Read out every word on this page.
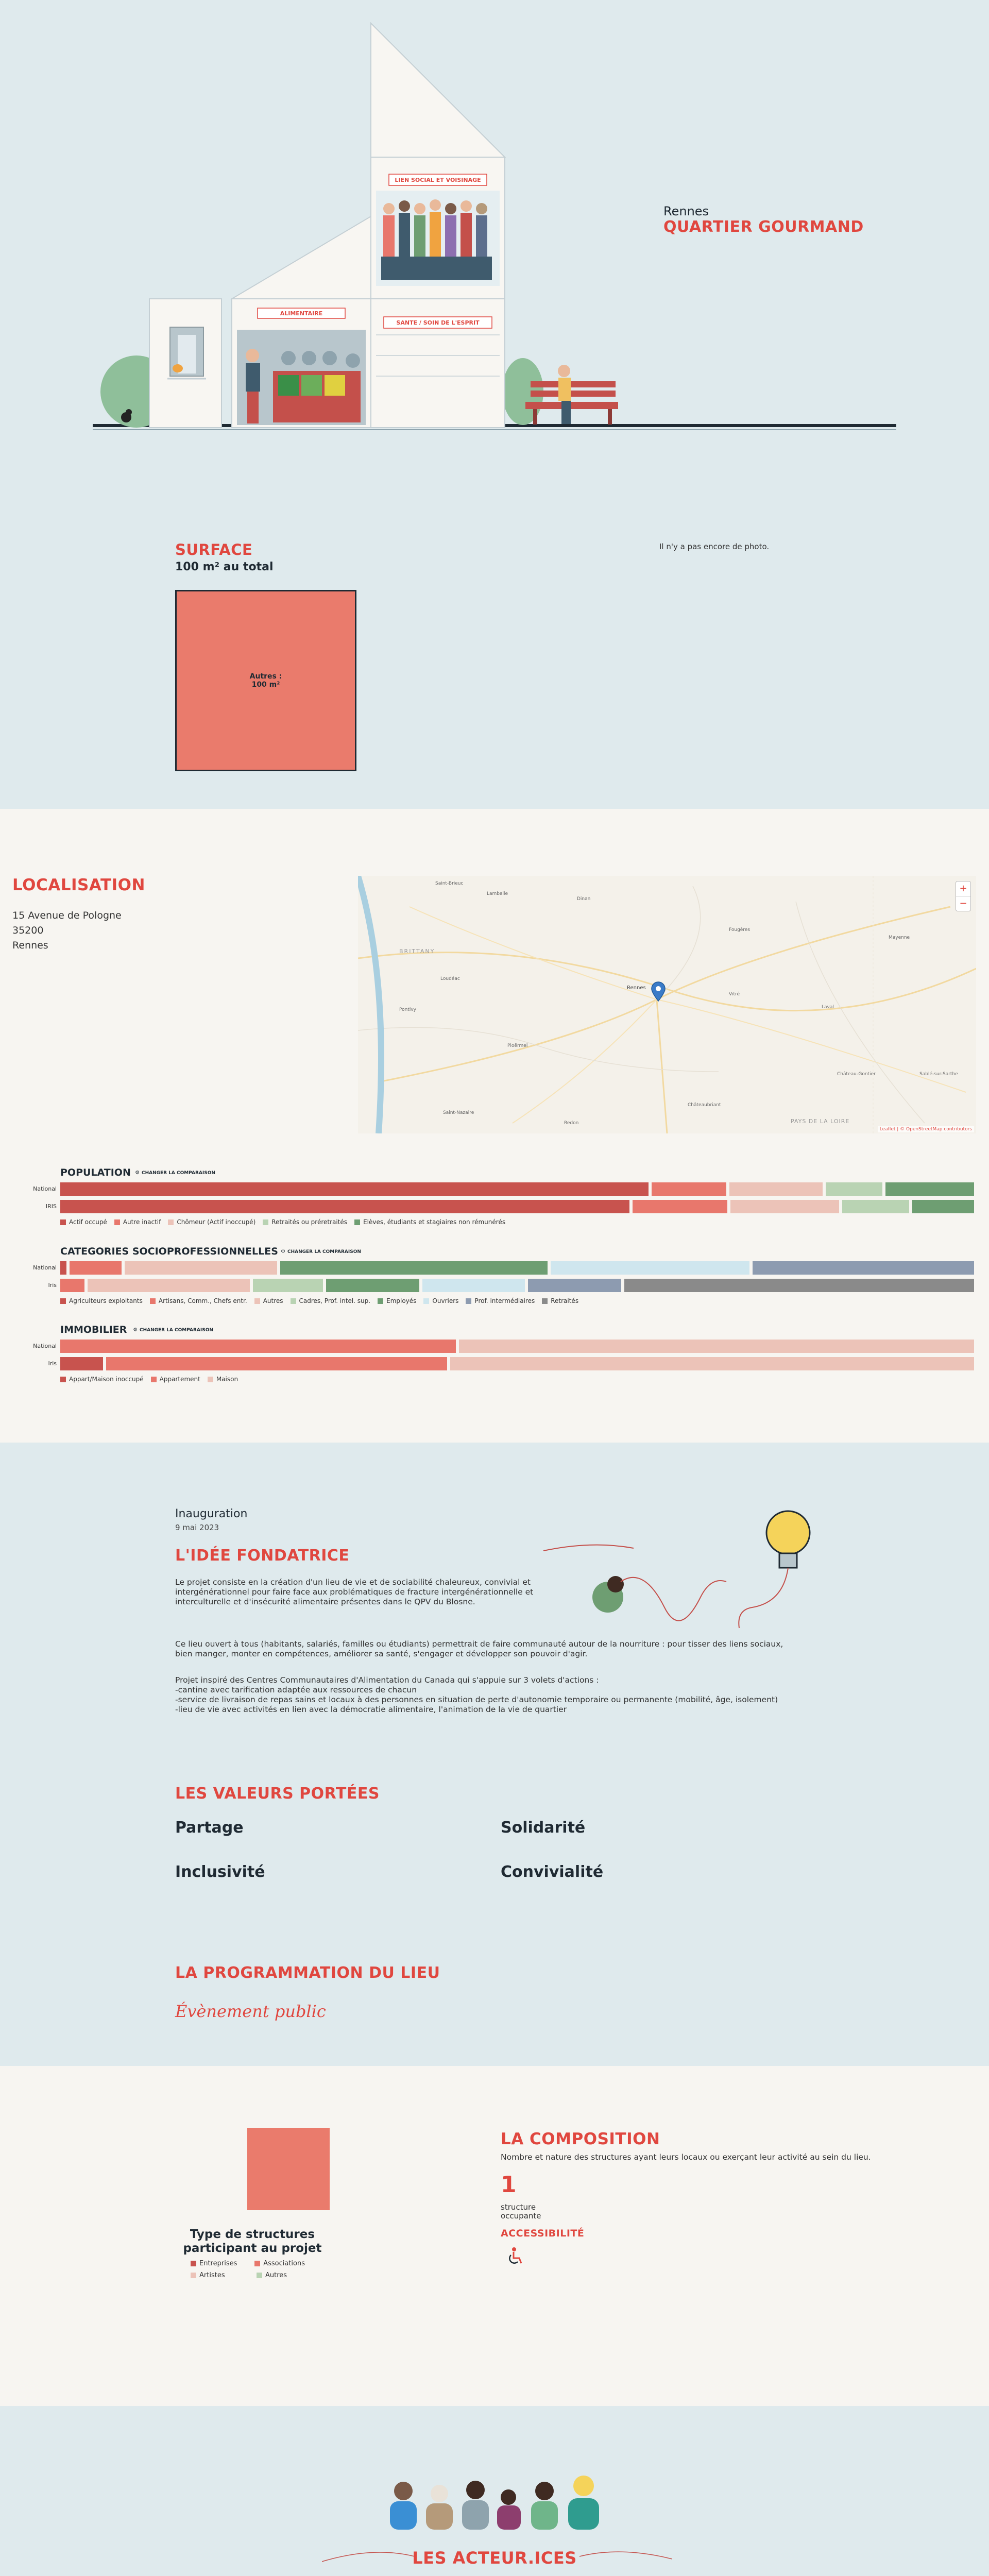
ALIMENTAIRE
LIEN SOCIAL ET VOISINAGE
SANTE / SOIN DE L'ESPRIT
Rennes
QUARTIER GOURMAND
SURFACE
100 m² au total
Autres :
100 m²
Il n'y a pas encore de photo.
LOCALISATION
15 Avenue de Pologne
35200
Rennes
Saint-Brieuc
Lamballe
Dinan
Fougères
Mayenne
Loudéac
Pontivy
Rennes
Vitré
Laval
Ploërmel
Redon
Châteaubriant
Château-Gontier
Saint-Nazaire
BRITTANY
PAYS DE LA LOIRE
Sablé-sur-Sarthe
+
−
Leaflet | © OpenStreetMap contributors
POPULATION
National
IRIS
Actif occupé	Autre inactif	Chômeur (Actif inoccupé)	Retraités ou préretraités	Elèves, étudiants et stagiaires non rémunérés
⚙ CHANGER LA COMPARAISON
CATEGORIES SOCIOPROFESSIONNELLES
National
Iris
Agriculteurs exploitants	Artisans, Comm., Chefs entr.	Autres	Cadres, Prof. intel. sup.	Employés	Ouvriers	Prof. intermédiaires	Retraités
⚙ CHANGER LA COMPARAISON
IMMOBILIER
National
Iris
Appart/Maison inoccupé	Appartement	Maison
⚙ CHANGER LA COMPARAISON
Inauguration
9 mai 2023
L'IDÉE FONDATRICE
Le projet consiste en la création d'un lieu de vie et de sociabilité chaleureux, convivial et intergénérationnel pour faire face aux problématiques de fracture intergénérationnelle et interculturelle et d'insécurité alimentaire présentes dans le QPV du Blosne.
Ce lieu ouvert à tous (habitants, salariés, familles ou étudiants) permettrait de faire communauté autour de la nourriture : pour tisser des liens sociaux,
bien manger, monter en compétences, améliorer sa santé, s'engager et développer son pouvoir d'agir.
Projet inspiré des Centres Communautaires d'Alimentation du Canada qui s'appuie sur 3 volets d'actions :
-cantine avec tarification adaptée aux ressources de chacun
-service de livraison de repas sains et locaux à des personnes en situation de perte d'autonomie temporaire ou permanente (mobilité, âge, isolement)
-lieu de vie avec activités en lien avec la démocratie alimentaire, l'animation de la vie de quartier
LES VALEURS PORTÉES
Partage	Solidarité
Inclusivité	Convivialité
LA PROGRAMMATION DU LIEU
Évènement public
Type de structures participant au projet
Entreprises	Associations
Artistes	Autres
LA COMPOSITION
Nombre et nature des structures ayant leurs locaux ou exerçant leur activité au sein du lieu.
1
structure occupante
ACCESSIBILITÉ
LES ACTEUR.ICES
